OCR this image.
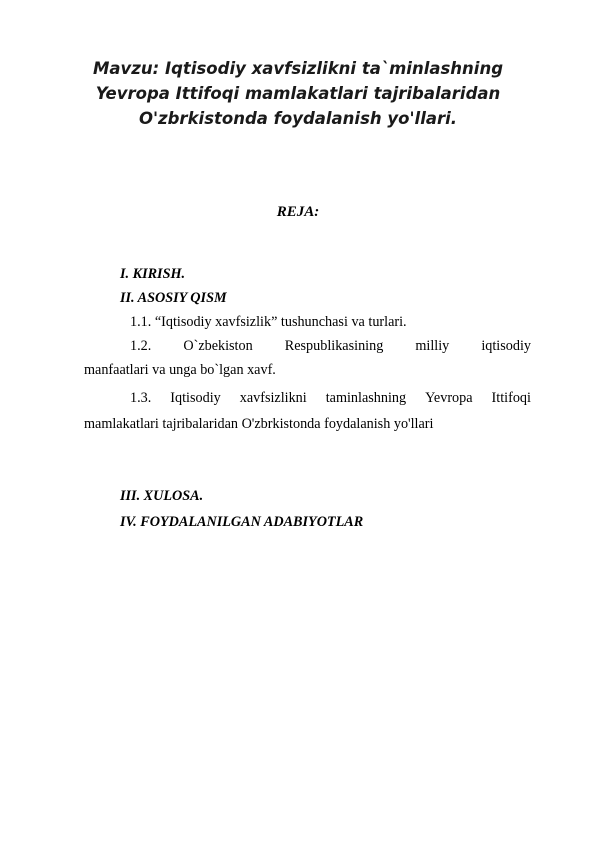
Mavzu: Iqtisodiy xavfsizlikni ta`minlashning Yevropa Ittifoqi mamlakatlari tajribalaridan O'zbrkistonda foydalanish yo'llari.

REJA:
I. KIRISH.
II. ASOSIY QISM
1.1. “Iqtisodiy xavfsizlik” tushunchasi va turlari.
1.2. O`zbekiston Respublikasining milliy iqtisodiy
manfaatlari va unga bo`lgan xavf.
1.3. Iqtisodiy xavfsizlikni taminlashning Yevropa Ittifoqi
mamlakatlari tajribalaridan O'zbrkistonda foydalanish yo'llari
III. XULOSA.
IV. FOYDALANILGAN ADABIYOTLAR
